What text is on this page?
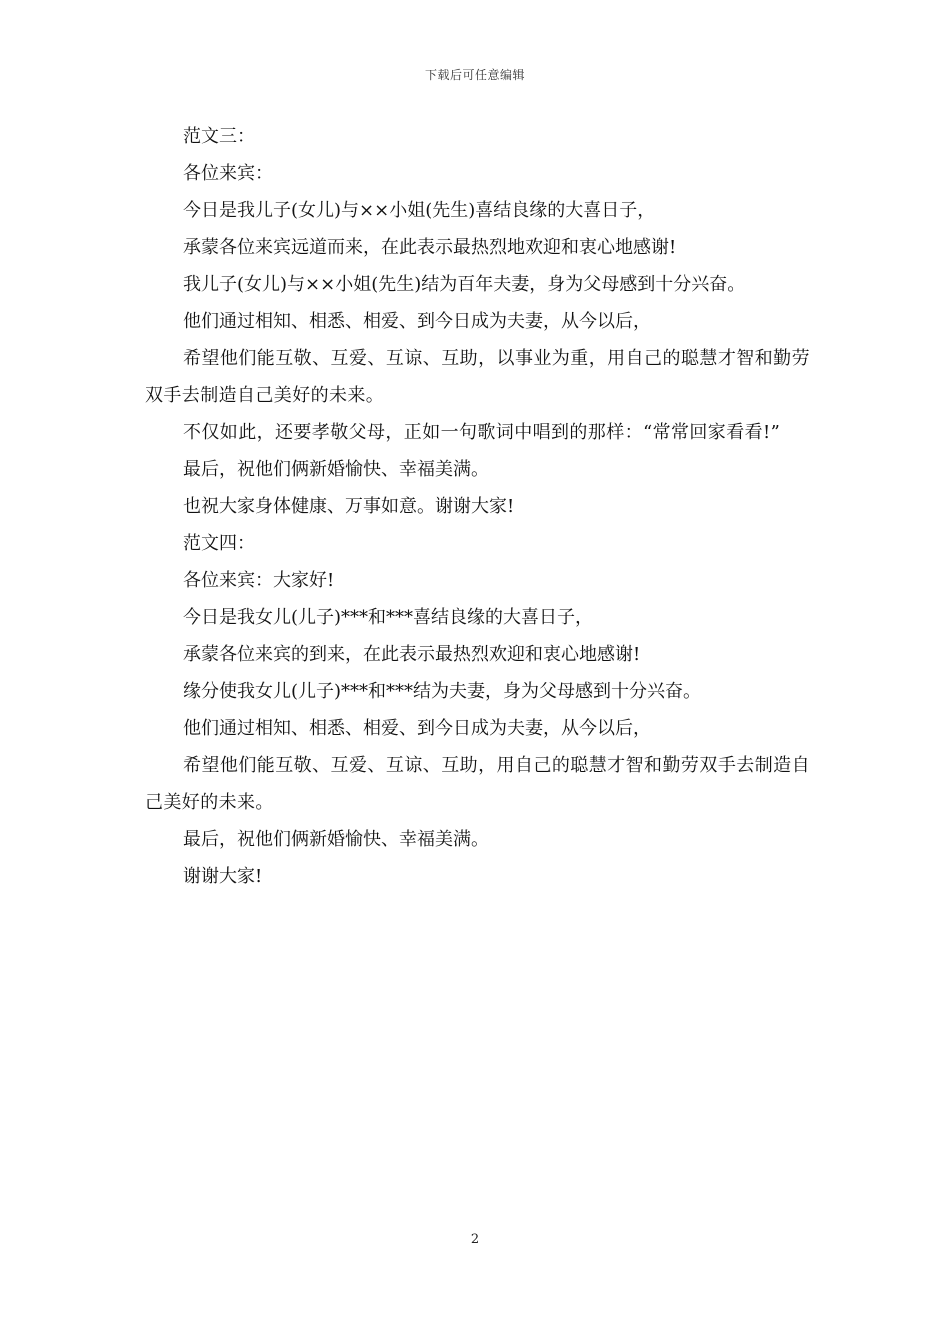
下载后可任意编辑
范文三：
各位来宾：
今日是我儿子(女儿)与××小姐(先生)喜结良缘的大喜日子，
承蒙各位来宾远道而来，在此表示最热烈地欢迎和衷心地感谢!
我儿子(女儿)与××小姐(先生)结为百年夫妻，身为父母感到十分兴奋。
他们通过相知、相悉、相爱、到今日成为夫妻，从今以后，
希望他们能互敬、互爱、互谅、互助，以事业为重，用自己的聪慧才智和勤劳双手去制造自己美好的未来。
不仅如此，还要孝敬父母，正如一句歌词中唱到的那样：“常常回家看看!”
最后，祝他们俩新婚愉快、幸福美满。
也祝大家身体健康、万事如意。谢谢大家!
范文四：
各位来宾：大家好!
今日是我女儿(儿子)***和***喜结良缘的大喜日子，
承蒙各位来宾的到来，在此表示最热烈欢迎和衷心地感谢!
缘分使我女儿(儿子)***和***结为夫妻，身为父母感到十分兴奋。
他们通过相知、相悉、相爱、到今日成为夫妻，从今以后，
希望他们能互敬、互爱、互谅、互助，用自己的聪慧才智和勤劳双手去制造自己美好的未来。
最后，祝他们俩新婚愉快、幸福美满。
谢谢大家!
2
